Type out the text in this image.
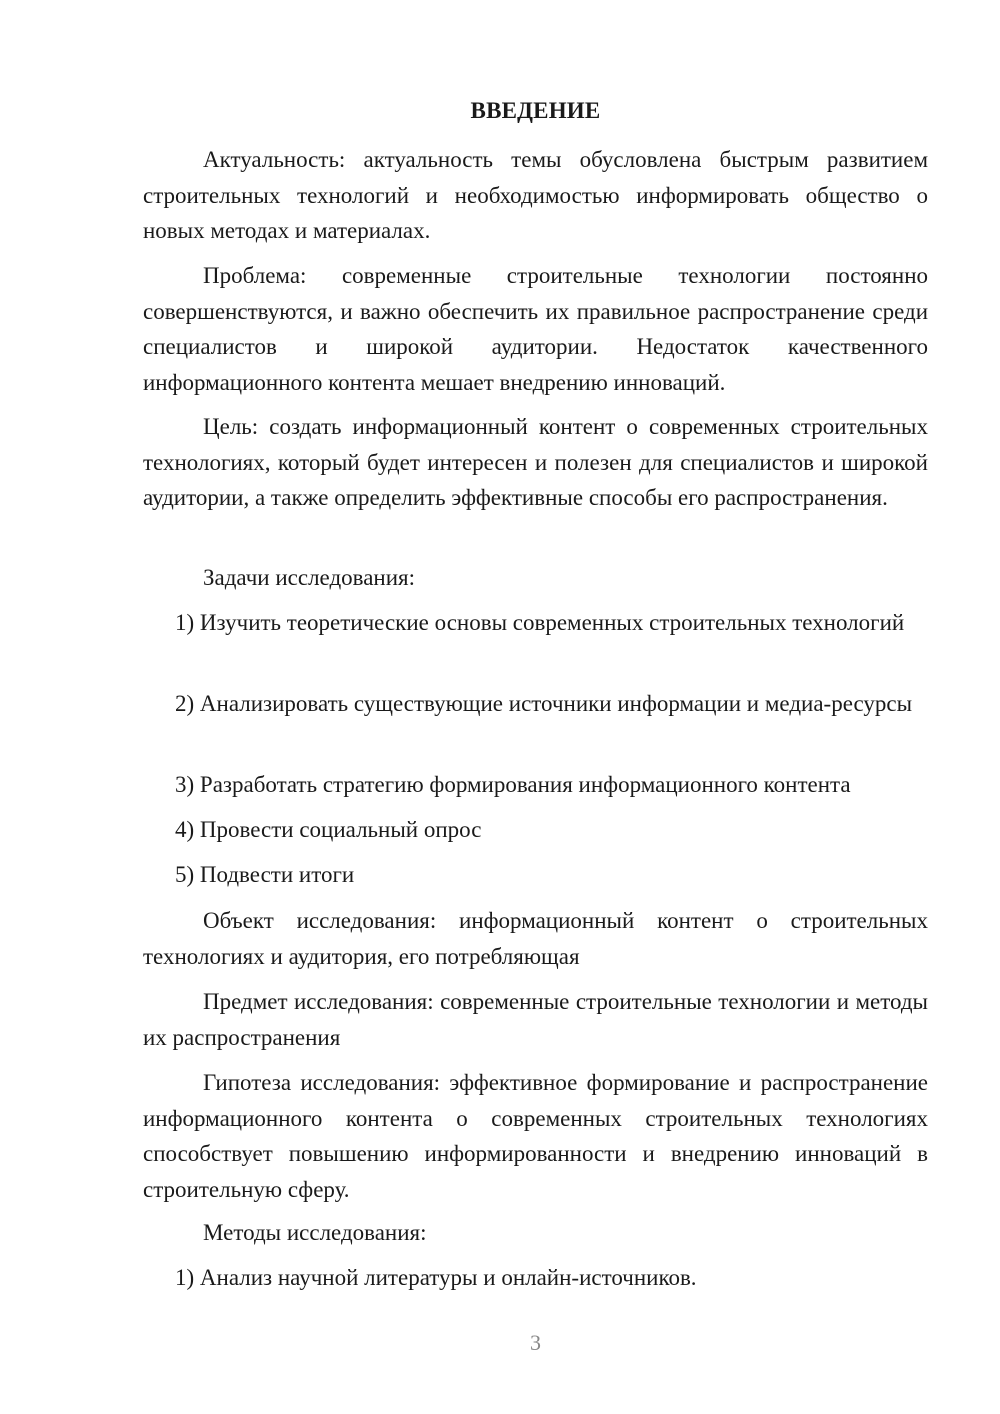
ВВЕДЕНИЕ

Актуальность: актуальность темы обусловлена быстрым развитием строительных технологий и необходимостью информировать общество о новых методах и материалах.

Проблема: современные строительные технологии постоянно совершенствуются, и важно обеспечить их правильное распространение среди специалистов и широкой аудитории. Недостаток качественного информационного контента мешает внедрению инноваций.

Цель: создать информационный контент о современных строительных технологиях, который будет интересен и полезен для специалистов и широкой аудитории, а также определить эффективные способы его распространения.

Задачи исследования:

1) Изучить теоретические основы современных строительных технологий

2) Анализировать существующие источники информации и медиа-ресурсы

3) Разработать стратегию формирования информационного контента

4) Провести социальный опрос

5) Подвести итоги

Объект исследования: информационный контент о строительных технологиях и аудитория, его потребляющая

Предмет исследования: современные строительные технологии и методы их распространения

Гипотеза исследования: эффективное формирование и распространение информационного контента о современных строительных технологиях способствует повышению информированности и внедрению инноваций в строительную сферу.

Методы исследования:

1) Анализ научной литературы и онлайн-источников.

3
